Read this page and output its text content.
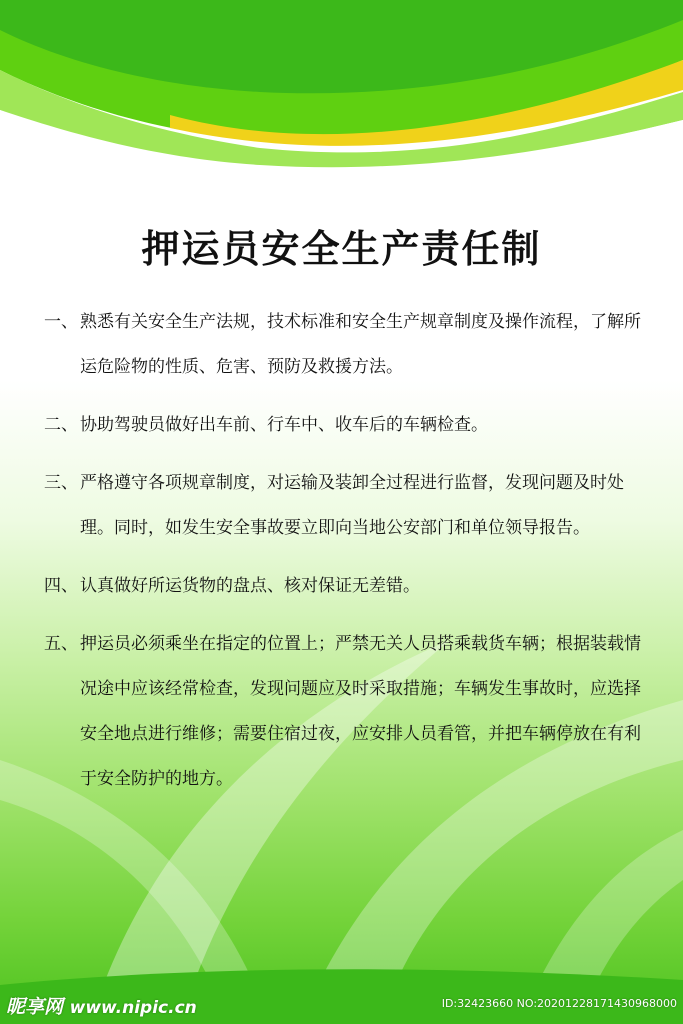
押运员安全生产责任制
一、 熟悉有关安全生产法规，技术标准和安全生产规章制度及操作流程，了解所运危险物的性质、危害、预防及救援方法。
二、 协助驾驶员做好出车前、行车中、收车后的车辆检查。
三、 严格遵守各项规章制度，对运输及装卸全过程进行监督，发现问题及时处理。同时，如发生安全事故要立即向当地公安部门和单位领导报告。
四、 认真做好所运货物的盘点、核对保证无差错。
五、 押运员必须乘坐在指定的位置上；严禁无关人员搭乘载货车辆；根据装载情况途中应该经常检查，发现问题应及时采取措施；车辆发生事故时，应选择安全地点进行维修；需要住宿过夜，应安排人员看管，并把车辆停放在有利于安全防护的地方。
昵享网 www.nipic.cn	ID:32423660 NO:20201228171430968000
